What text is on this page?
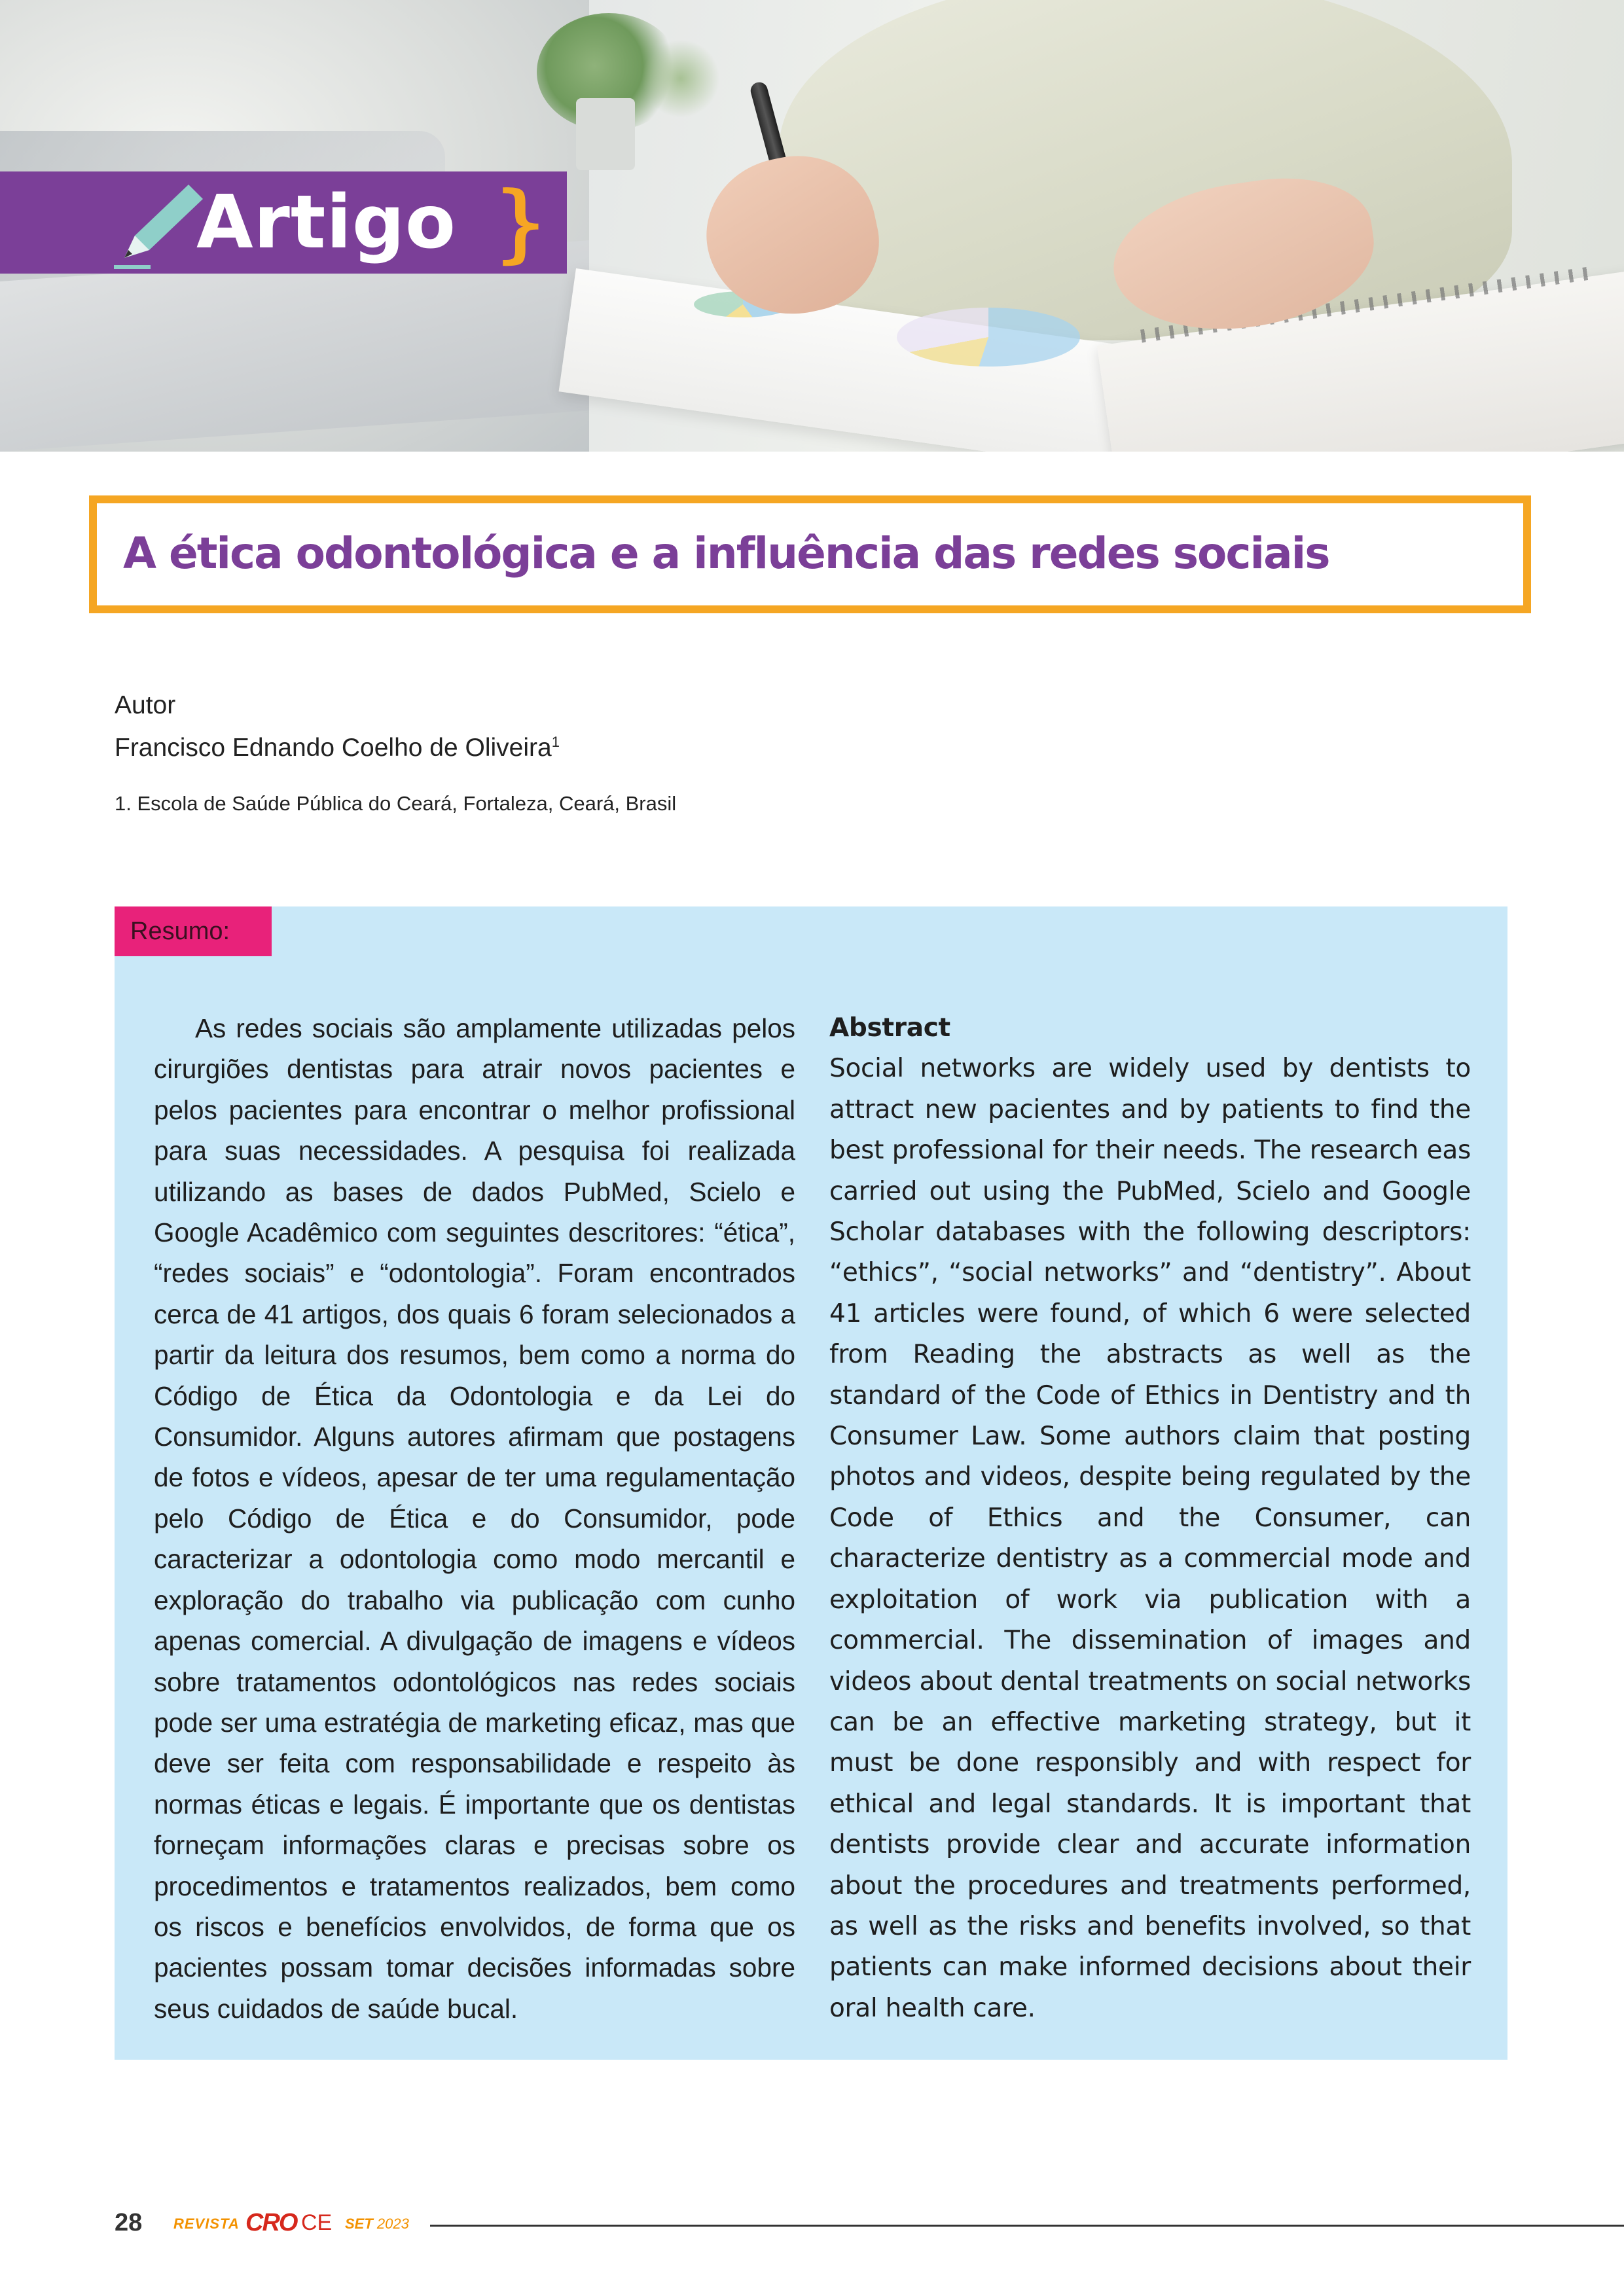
Artigo }
A ética odontológica e a influência das redes sociais
Autor
Francisco Ednando Coelho de Oliveira$^1$
1. Escola de Saúde Pública do Ceará, Fortaleza, Ceará, Brasil
Resumo:

As redes sociais são amplamente utilizadas pelos cirurgiões dentistas para atrair novos pacientes e pelos pacientes para encontrar o melhor profissional para suas necessidades. A pesquisa foi realizada utilizando as bases de dados PubMed, Scielo e Google Acadêmico com seguintes descritores: “ética”, “redes sociais” e “odontologia”. Foram encontrados cerca de 41 artigos, dos quais 6 foram selecionados a partir da leitura dos resumos, bem como a norma do Código de Ética da Odontologia e da Lei do Consumidor. Alguns autores afirmam que postagens de fotos e vídeos, apesar de ter uma regulamentação pelo Código de Ética e do Consumidor, pode caracterizar a odontologia como modo mercantil e exploração do trabalho via publicação com cunho apenas comercial. A divulgação de imagens e vídeos sobre tratamentos odontológicos nas redes sociais pode ser uma estratégia de marketing eficaz, mas que deve ser feita com responsabilidade e respeito às normas éticas e legais. É importante que os dentistas forneçam informações claras e precisas sobre os procedimentos e tratamentos realizados, bem como os riscos e benefícios envolvidos, de forma que os pacientes possam tomar decisões informadas sobre seus cuidados de saúde bucal.

Abstract

Social networks are widely used by dentists to attract new pacientes and by patients to find the best professional for their needs. The research eas carried out using the PubMed, Scielo and Google Scholar databases with the following descriptors: “ethics”, “social networks” and “dentistry”. About 41 articles were found, of which 6 were selected from Reading the abstracts as well as the standard of the Code of Ethics in Dentistry and th Consumer Law. Some authors claim that posting photos and videos, despite being regulated by the Code of Ethics and the Consumer, can characterize dentistry as a commercial mode and exploitation of work via publication with a commercial. The dissemination of images and videos about dental treatments on social networks can be an effective marketing strategy, but it must be done responsibly and with respect for ethical and legal standards. It is important that dentists provide clear and accurate information about the procedures and treatments performed, as well as the risks and benefits involved, so that patients can make informed decisions about their oral health care.

28 REVISTA CRO CE SET 2023
